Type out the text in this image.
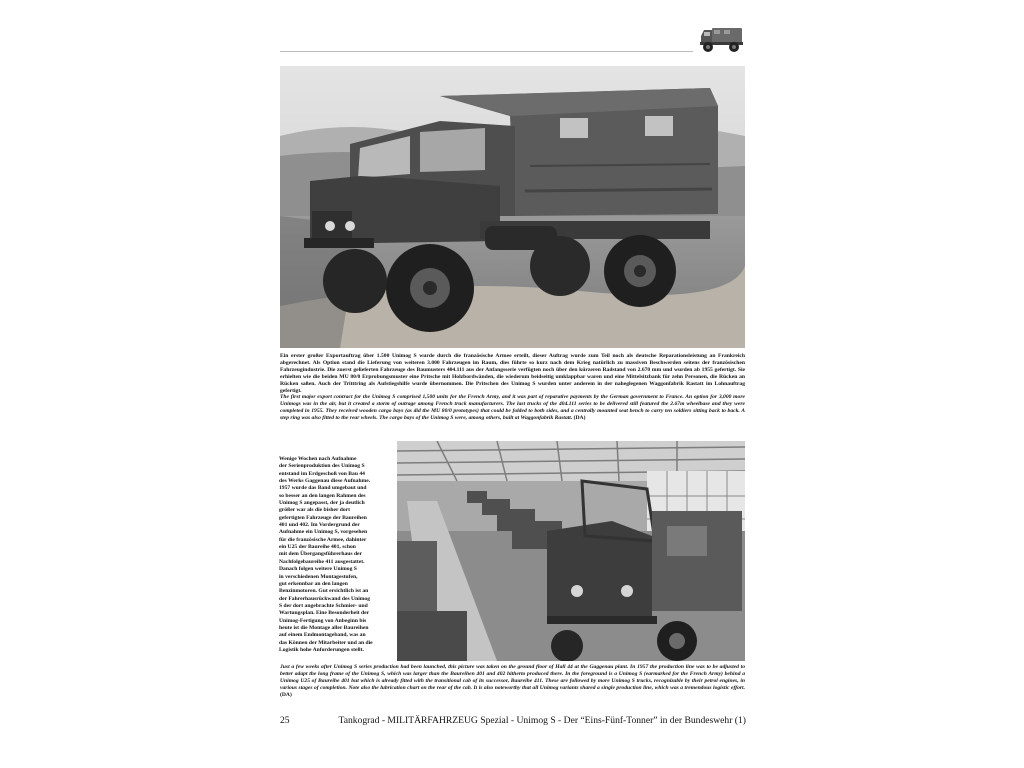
Ein erster großer Exportauftrag über 1.500 Unimog S wurde durch die französische Armee erteilt, dieser Auftrag wurde zum Teil noch als deutsche Reparationsleistung an Frankreich abgerechnet. Als Option stand die Lieferung von weiteren 3.000 Fahrzeugen im Raum, dies führte so kurz nach dem Krieg natürlich zu massiven Beschwerden seitens der französischen Fahrzeugindustrie. Die zuerst gelieferten Fahrzeuge des Baumusters 404.111 aus der Anfangsserie verfügten noch über den kürzeren Radstand von 2.670 mm und wurden ab 1955 gefertigt. Sie erhielten wie die beiden MU 80/0 Erprobungsmuster eine Pritsche mit Holzbordwänden, die wiederum beidseitig umklappbar waren und eine Mittelsitzbank für zehn Personen, die Rücken an Rücken saßen. Auch der Tritttring als Aufstiegshilfe wurde übernommen. Die Pritschen des Unimog S wurden unter anderem in der naheglegenen Waggonfabrik Rastatt im Lohnauftrag gefertigt.

The first major export contract for the Unimog S comprised 1,500 units for the French Army, and it was part of reparative payments by the German government to France. An option for 3,000 more Unimogs was in the air, but it created a storm of outrage among French truck manufacturers. The last trucks of the 404.111 series to be delivered still featured the 2.67m wheelbase and they were completed in 1955. They received wooden cargo bays (as did the MU 80/0 prototypes) that could be folded to both sides, and a centrally mounted seat bench to carry ten soldiers sitting back to back. A step ring was also fitted to the rear wheels. The cargo bays of the Unimog S were, among others, built at Waggonfabrik Rastatt. (DA)

Wenige Wochen nach Aufnahme

der Serienproduktion des Unimog S

entstand im Erdgeschoß von Bau 44

des Werks Gaggenau diese Aufnahme.

1957 wurde das Band umgebaut und

so besser an den langen Rahmen des

Unimog S angepasst, der ja deutlich

größer war als die bisher dort

gefertigten Fahrzeuge der Baureihen

401 und 402. Im Vordergrund der

Aufnahme ein Unimog S, vorgesehen

für die französische Armee, dahinter

ein U25 der Baureihe 401, schon

mit dem Übergangsführerhaus der

Nachfolgebaureihe 411 ausgestattet.

Danach folgen weitere Unimog S

in verschiedenen Montagestufen,

gut erkennbar an den langen

Benzinmotoren. Gut ersichtlich ist an

der Fahrerhausrückwand des Unimog

S der dort angebrachte Schmier- und

Wartungsplan. Eine Besonderheit der

Unimog-Fertigung von Anbeginn bis

heute ist die Montage aller Baureihen

auf einem Endmontageband, was an

das Können der Mitarbeiter und an die

Logistik hohe Anforderungen stellt.

Just a few weeks after Unimog S series production had been launched, this picture was taken on the ground floor of Hall 44 at the Gaggenau plant. In 1957 the production line was to be adjusted to better adapt the long frame of the Unimog S, which was larger than the Baureihen 401 and 402 hitherto produced there. In the foreground is a Unimog S (earmarked for the French Army) behind a Unimog U25 of Baureihe 401 but which is already fitted with the transitional cab of its successor, Baureihe 411. These are followed by more Unimog S trucks, recognizable by their petrol engines, in various stages of completion. Note also the lubrication chart on the rear of the cab. It is also noteworthy that all Unimog variants shared a single production line, which was a tremendous logistic effort. (DA)

25	Tankograd - MILITÄRFAHRZEUG Spezial - Unimog S - Der “Eins-Fünf-Tonner” in der Bundeswehr (1)
